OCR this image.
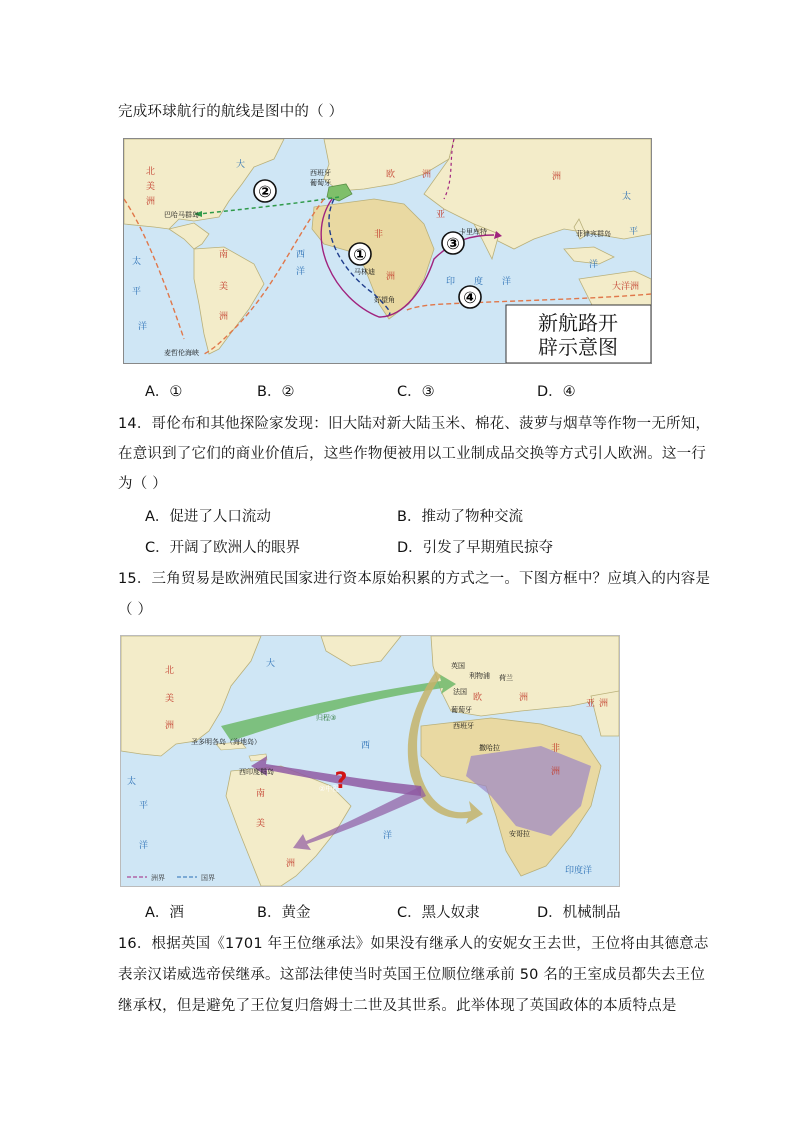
完成环球航行的航线是图中的（ ）
②
①
③
④
北
美
洲
欧	洲
亚
洲
南
美
洲
非
洲
大洋洲
大
西
洋
太
平
洋
印 度 洋
太
平
洋
西班牙
葡萄牙
巴哈马群岛
卡里库特
马林迪
好望角
菲律宾群岛
麦哲伦海峡
新航路开
辟示意图
A．①	B．②	C．③	D．④
14．哥伦布和其他探险家发现：旧大陆对新大陆玉米、棉花、菠萝与烟草等作物一无所知，
在意识到了它们的商业价值后，这些作物便被用以工业制成品交换等方式引人欧洲。这一行
为（ ）
A．促进了人口流动	B．推动了物种交流
C．开阔了欧洲人的眼界	D．引发了早期殖民掠夺
15．三角贸易是欧洲殖民国家进行资本原始积累的方式之一。下图方框中？应填入的内容是
（ ）
?
北
美
洲
欧	洲
非
洲
亚 洲
南
美
洲
大
西
洋
太
平
洋
印度洋
英国
利物浦
法国
荷兰
葡萄牙
西班牙
撒哈拉
安哥拉
圣多明各岛（海地岛）
西印度群岛
归程③
②中程
洲界	国界
A．酒	B．黄金	C．黑人奴隶	D．机械制品
16．根据英国《1701 年王位继承法》如果没有继承人的安妮女王去世，王位将由其德意志
表亲汉诺威选帝侯继承。这部法律使当时英国王位顺位继承前 50 名的王室成员都失去王位
继承权，但是避免了王位复归詹姆士二世及其世系。此举体现了英国政体的本质特点是
